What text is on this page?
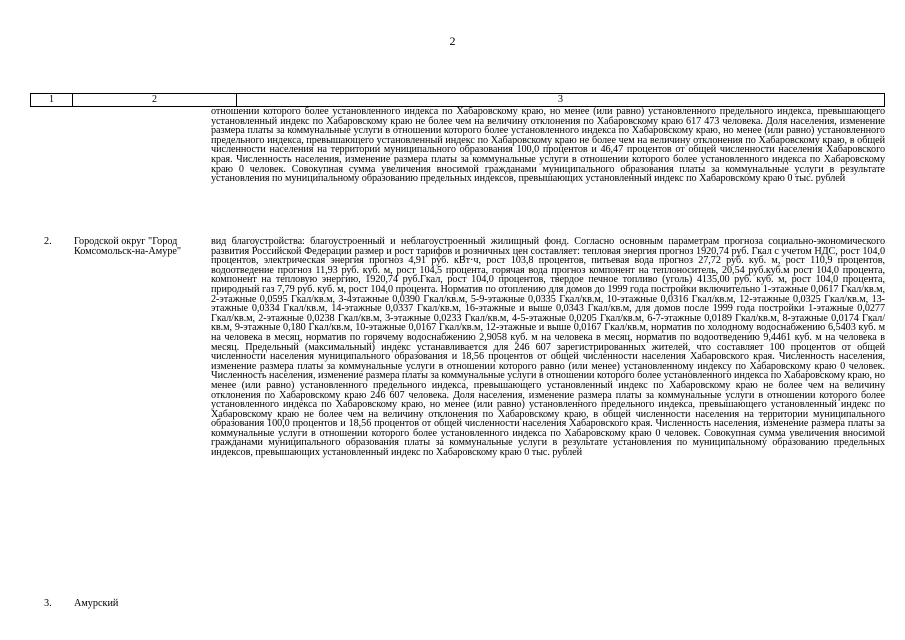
2
1	2	3
отношении которого более установленного индекса по Хабаровскому краю, но менее (или равно) установленного предельного индекса, превышающего установленный индекс по Хабаровскому краю не более чем на величину отклонения по Хабаровскому краю 617 473 человека. Доля населения, изменение размера платы за коммунальные услуги в отношении которого более установленного индекса по Хабаровскому краю, но менее (или равно) установленного предельного индекса, превышающего установленный индекс по Хабаровскому краю не более чем на величину отклонения по Хабаровскому краю, в общей численности населения на территории муниципального образования 100,0 процентов и 46,47 процентов от общей численности населения Хабаровского края. Численность населения, изменение размера платы за коммунальные услуги в отношении которого более установленного индекса по Хабаровскому краю 0 человек. Совокупная сумма увеличения вносимой гражданами муниципального образования платы за коммунальные услуги в результате установления по муниципальному образованию предельных индексов, превышающих установленный индекс по Хабаровскому краю 0 тыс. рублей
2. Городской округ "Город Комсомольск-на-Амуре"
вид благоустройства: благоустроенный и неблагоустроенный жилищный фонд. Согласно основным параметрам прогноза социально-экономического развития Российской Федерации размер и рост тарифов и розничных цен составляет: тепловая энергия прогноз 1920,74 руб. Гкал с учетом НДС, рост 104,0 процентов, электрическая энергия прогноз 4,91 руб. кВт·ч, рост 103,8 процентов, питьевая вода прогноз 27,72 руб. куб. м, рост 110,9 процентов, водоотведение прогноз 11,93 руб. куб. м, рост 104,5 процента, горячая вода прогноз компонент на теплоноситель, 20,54 руб.куб.м рост 104,0 процента, компонент на тепловую энергию, 1920,74 руб.Гкал, рост 104,0 процентов, твердое печное топливо (уголь) 4135,00 руб. куб. м, рост 104,0 процента, природный газ 7,79 руб. куб. м, рост 104,0 процента. Норматив по отоплению для домов до 1999 года постройки включительно 1-этажные 0,0617 Гкал/кв.м, 2-этажные 0,0595 Гкал/кв.м, 3-4этажные 0,0390 Гкал/кв.м, 5-9-этажные 0,0335 Гкал/кв.м, 10-этажные 0,0316 Гкал/кв.м, 12-этажные 0,0325 Гкал/кв.м, 13-этажные 0,0334 Гкал/кв.м, 14-этажные 0,0337 Гкал/кв.м, 16-этажные и выше 0,0343 Гкал/кв.м, для домов после 1999 года постройки 1-этажные 0,0277 Гкал/кв.м, 2-этажные 0,0238 Гкал/кв.м, 3-этажные 0,0233 Гкал/кв.м, 4-5-этажные 0,0205 Гкал/кв.м, 6-7-этажные 0,0189 Гкал/кв.м, 8-этажные 0,0174 Гкал/кв.м, 9-этажные 0,180 Гкал/кв.м, 10-этажные 0,0167 Гкал/кв.м, 12-этажные и выше 0,0167 Гкал/кв.м, норматив по холодному водоснабжению 6,5403 куб. м на человека в месяц, норматив по горячему водоснабжению 2,9058 куб. м на человека в месяц, норматив по водоотведению 9,4461 куб. м на человека в месяц. Предельный (максимальный) индекс устанавливается для 246 607 зарегистрированных жителей, что составляет 100 процентов от общей численности населения муниципального образования и 18,56 процентов от общей численности населения Хабаровского края. Численность населения, изменение размера платы за коммунальные услуги в отношении которого равно (или менее) установленному индексу по Хабаровскому краю 0 человек. Численность населения, изменение размера платы за коммунальные услуги в отношении которого более установленного индекса по Хабаровскому краю, но менее (или равно) установленного предельного индекса, превышающего установленный индекс по Хабаровскому краю не более чем на величину отклонения по Хабаровскому краю 246 607 человека. Доля населения, изменение размера платы за коммунальные услуги в отношении которого более установленного индекса по Хабаровскому краю, но менее (или равно) установленного предельного индекса, превышающего установленный индекс по Хабаровскому краю не более чем на величину отклонения по Хабаровскому краю, в общей численности населения на территории муниципального образования 100,0 процентов и 18,56 процентов от общей численности населения Хабаровского края. Численность населения, изменение размера платы за коммунальные услуги в отношении которого более установленного индекса по Хабаровскому краю 0 человек. Совокупная сумма увеличения вносимой гражданами муниципального образования платы за коммунальные услуги в результате установления по муниципальному образованию предельных индексов, превышающих установленный индекс по Хабаровскому краю 0 тыс. рублей
3. Амурский
